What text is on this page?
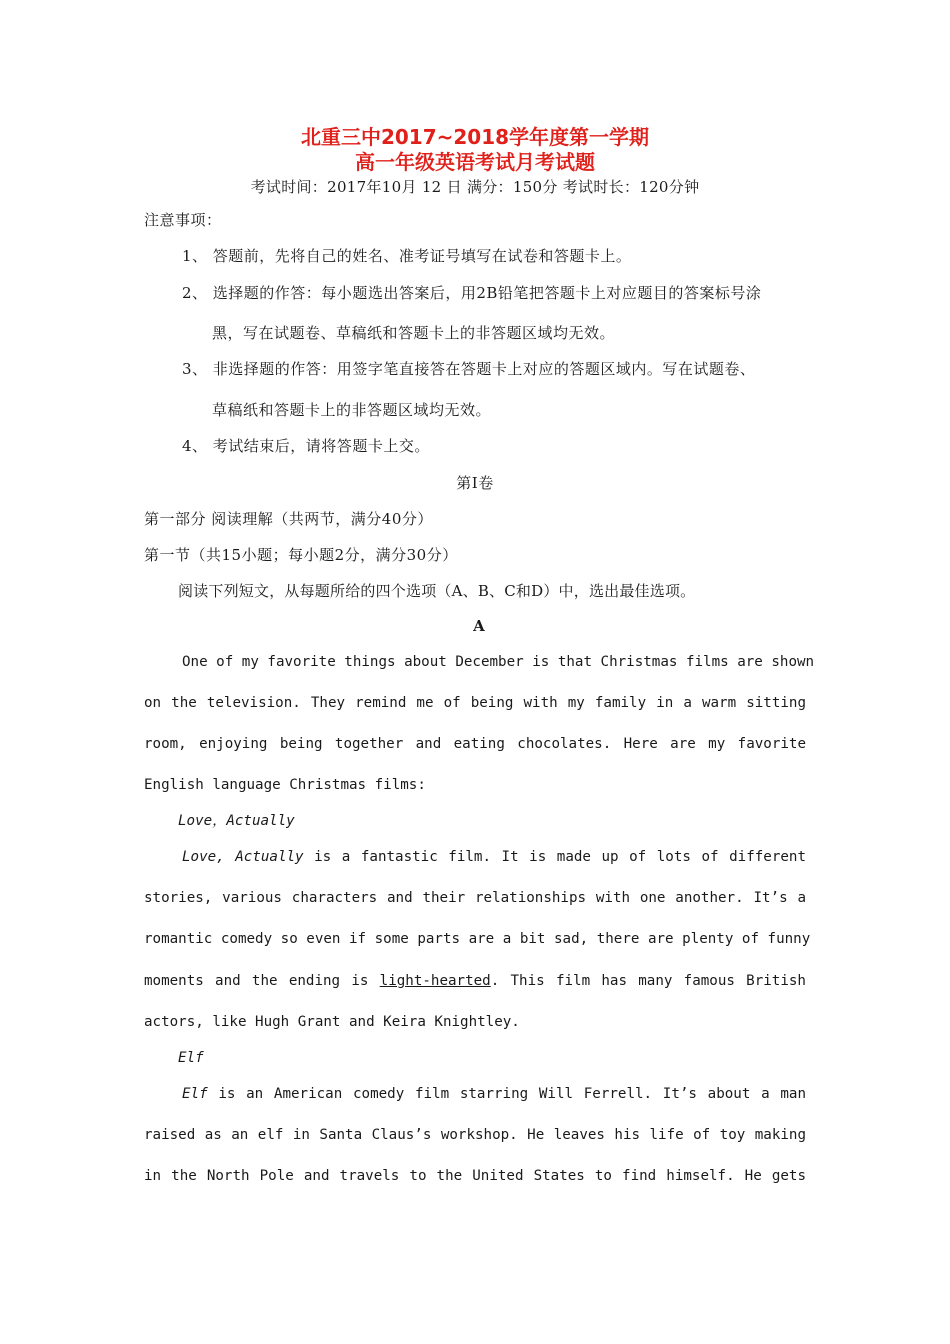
北重三中2017~2018学年度第一学期
高一年级英语考试月考试题
考试时间：2017年10月 12 日 满分：150分 考试时长：120分钟
注意事项：
1、 答题前，先将自己的姓名、准考证号填写在试卷和答题卡上。
2、 选择题的作答：每小题选出答案后，用2B铅笔把答题卡上对应题目的答案标号涂
黑，写在试题卷、草稿纸和答题卡上的非答题区域均无效。
3、 非选择题的作答：用签字笔直接答在答题卡上对应的答题区域内。写在试题卷、
草稿纸和答题卡上的非答题区域均无效。
4、 考试结束后，请将答题卡上交。
第Ⅰ卷
第一部分 阅读理解（共两节，满分40分）
第一节（共15小题；每小题2分，满分30分）
阅读下列短文，从每题所给的四个选项（A、B、C和D）中，选出最佳选项。
A
One of my favorite things about December is that Christmas films are shown
on the television. They remind me of being with my family in a warm sitting
room, enjoying being together and eating chocolates. Here are my favorite
English language Christmas films:
Love，Actually
Love, Actually is a fantastic film. It is made up of lots of different
stories, various characters and their relationships with one another. It’s a
romantic comedy so even if some parts are a bit sad, there are plenty of funny
moments and the ending is light-hearted. This film has many famous British
actors, like Hugh Grant and Keira Knightley.
Elf
Elf is an American comedy film starring Will Ferrell. It’s about a man
raised as an elf in Santa Claus’s workshop. He leaves his life of toy making
in the North Pole and travels to the United States to find himself. He gets
